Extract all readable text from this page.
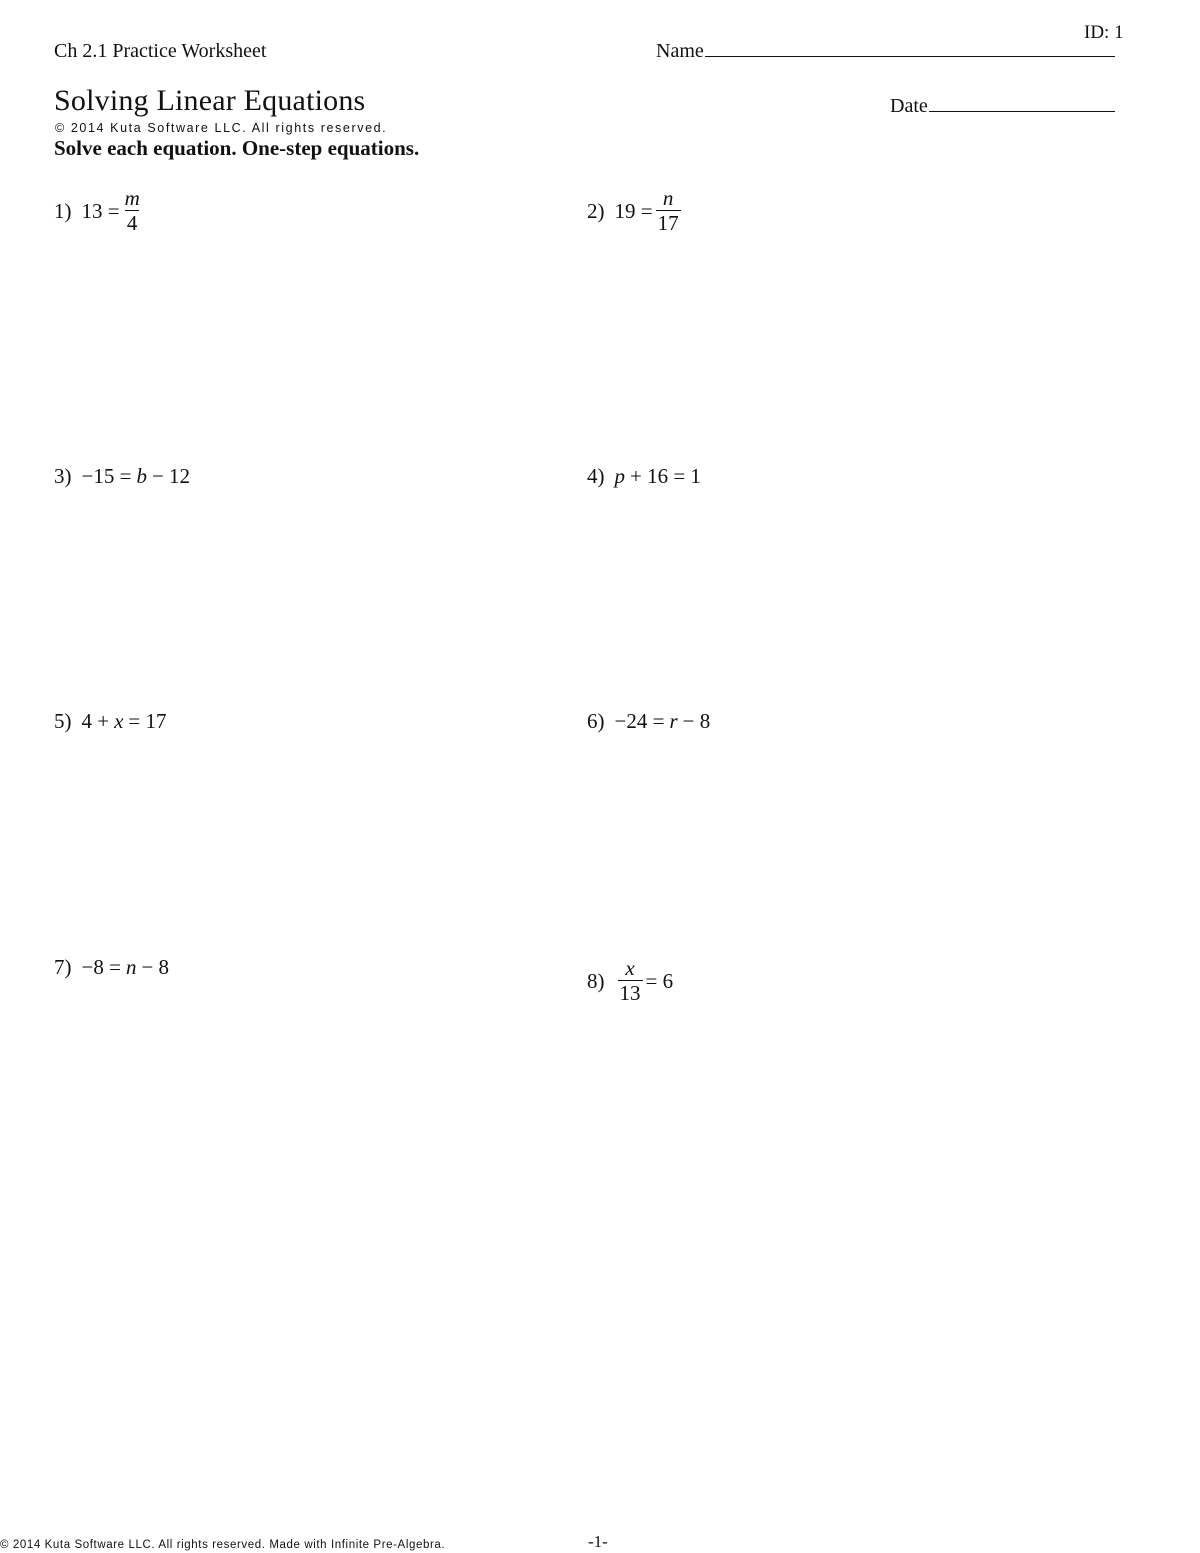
ID: 1
Ch 2.1 Practice Worksheet	Name
Date
Solving Linear Equations
© 2014 Kuta Software LLC. All rights reserved.
Solve each equation. One-step equations.
1) $13 = \frac{m}{4}$	2) $19 = \frac{n}{17}$
3) −15 = b − 12	4) p + 16 = 1
5) 4 + x = 17	6) −24 = r − 8
7) −8 = n − 8
$8) \frac{x}{13} = 6$
© 2014 Kuta Software LLC. All rights reserved. Made with Infinite Pre-Algebra.	-1-
